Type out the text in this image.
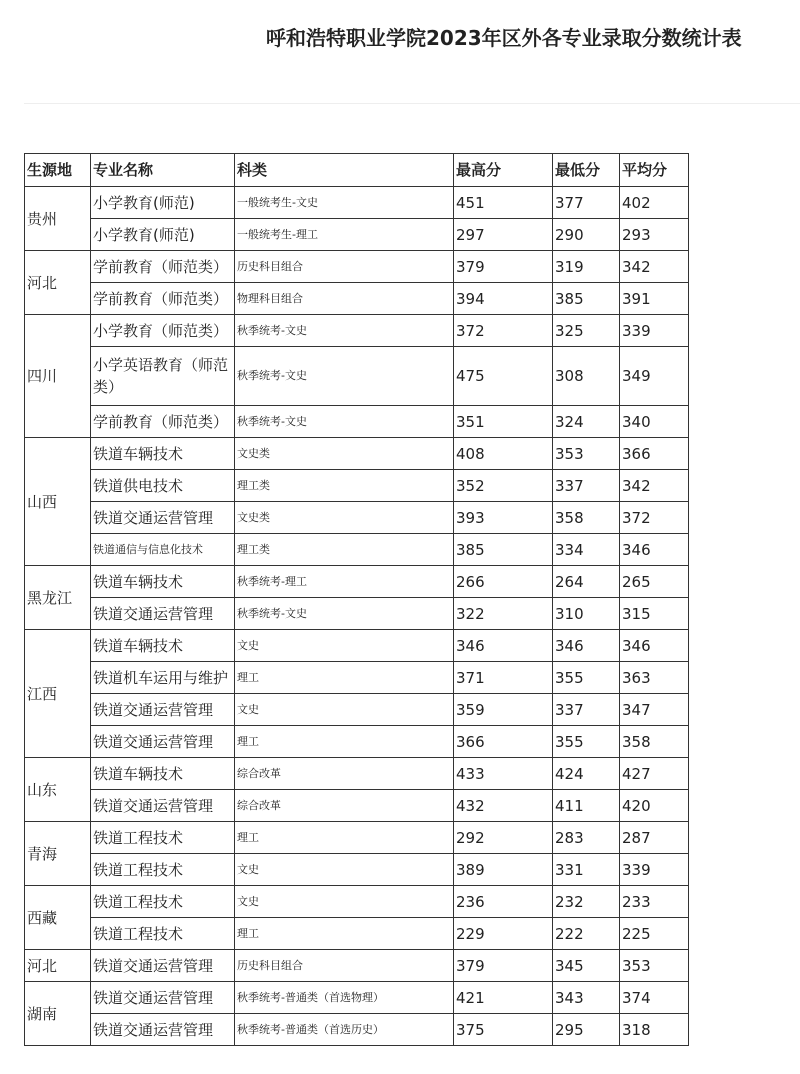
呼和浩特职业学院2023年区外各专业录取分数统计表
生源地	专业名称	科类	最高分	最低分	平均分
贵州	小学教育(师范)	一般统考生-文史	451	377	402
	小学教育(师范)	一般统考生-理工	297	290	293
河北	学前教育（师范类）	历史科目组合	379	319	342
	学前教育（师范类）	物理科目组合	394	385	391
四川	小学教育（师范类）	秋季统考-文史	372	325	339
	小学英语教育（师范类）	秋季统考-文史	475	308	349
	学前教育（师范类）	秋季统考-文史	351	324	340
山西	铁道车辆技术	文史类	408	353	366
	铁道供电技术	理工类	352	337	342
	铁道交通运营管理	文史类	393	358	372
	铁道通信与信息化技术	理工类	385	334	346
黑龙江	铁道车辆技术	秋季统考-理工	266	264	265
	铁道交通运营管理	秋季统考-文史	322	310	315
江西	铁道车辆技术	文史	346	346	346
	铁道机车运用与维护	理工	371	355	363
	铁道交通运营管理	文史	359	337	347
	铁道交通运营管理	理工	366	355	358
山东	铁道车辆技术	综合改革	433	424	427
	铁道交通运营管理	综合改革	432	411	420
青海	铁道工程技术	理工	292	283	287
	铁道工程技术	文史	389	331	339
西藏	铁道工程技术	文史	236	232	233
	铁道工程技术	理工	229	222	225
河北	铁道交通运营管理	历史科目组合	379	345	353
湖南	铁道交通运营管理	秋季统考-普通类（首选物理）	421	343	374
	铁道交通运营管理	秋季统考-普通类（首选历史）	375	295	318
